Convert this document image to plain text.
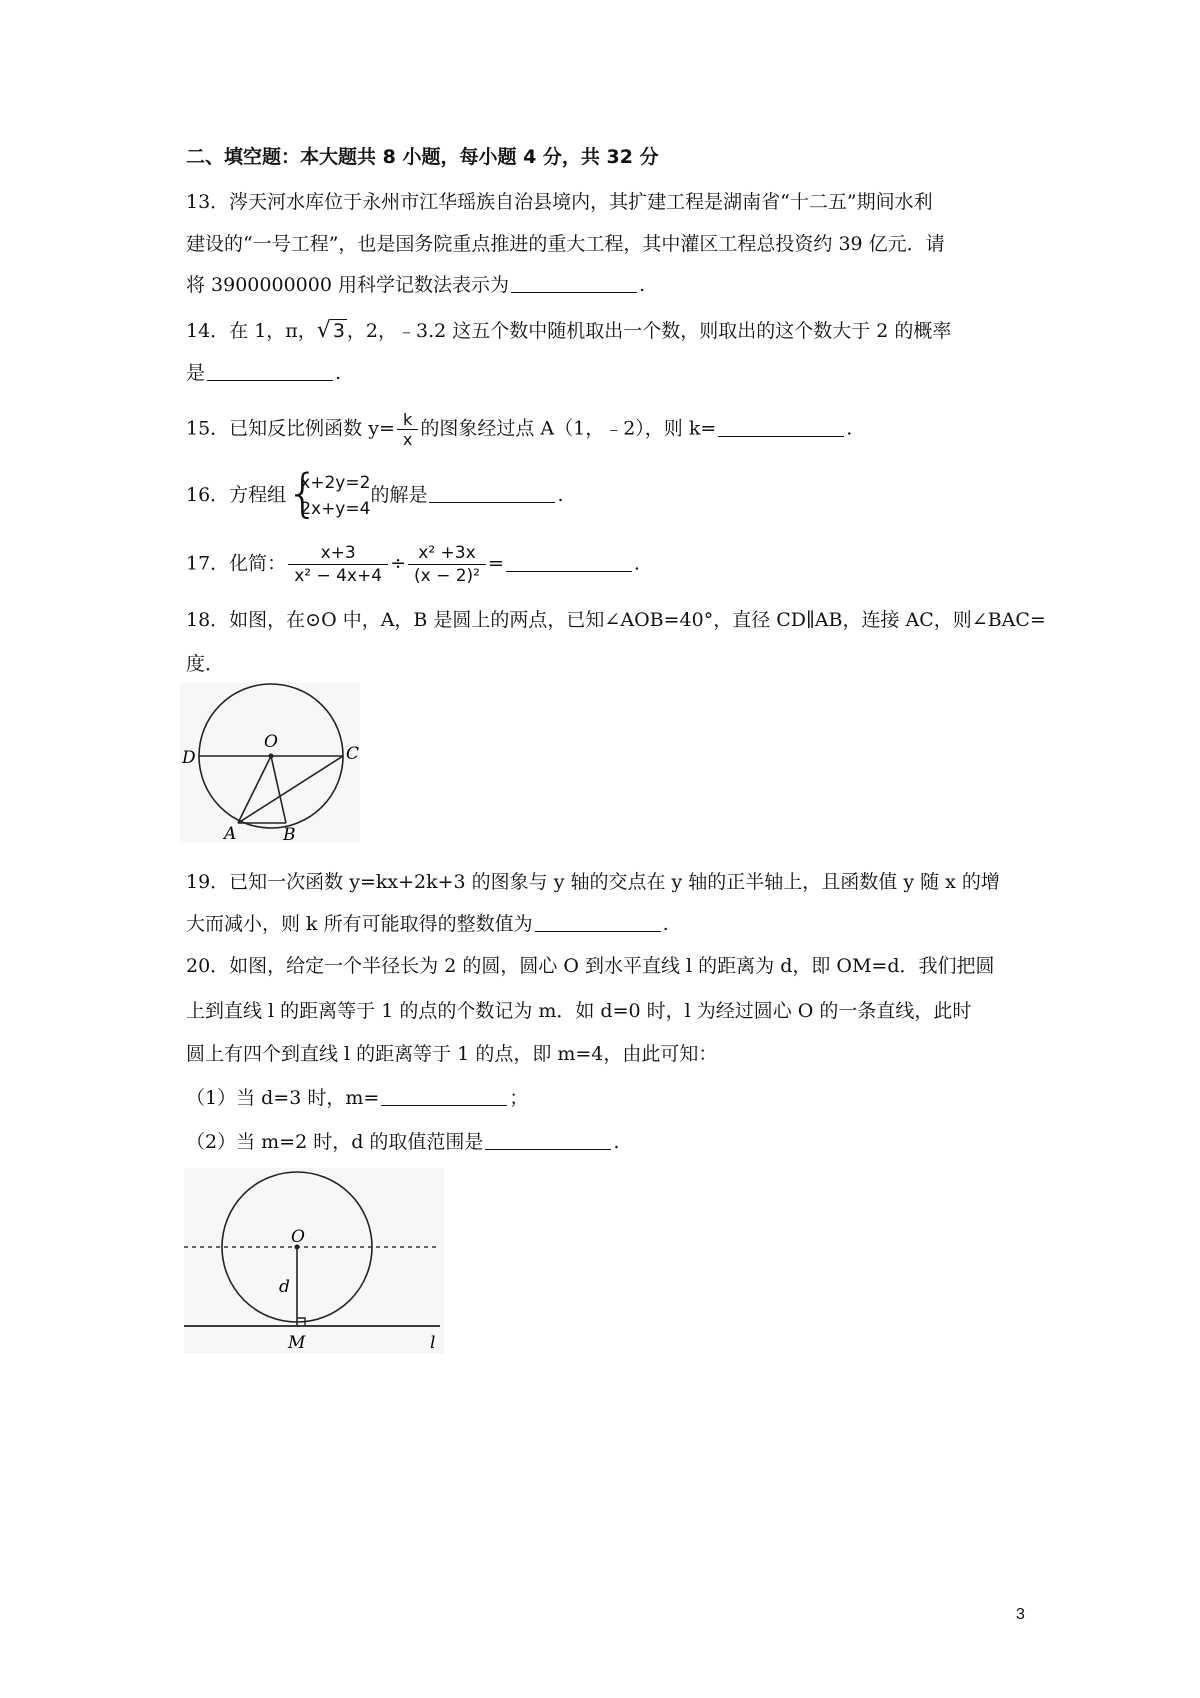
二、填空题：本大题共 8 小题，每小题 4 分，共 32 分
13．涔天河水库位于永州市江华瑶族自治县境内，其扩建工程是湖南省“十二五”期间水利
建设的“一号工程”，也是国务院重点推进的重大工程，其中灌区工程总投资约 39 亿元．请
将 3900000000 用科学记数法表示为	.
14．在 1，π，√ 3 ，2，﹣3.2 这五个数中随机取出一个数，则取出的这个数大于 2 的概率
是	.
15．已知反比例函数 $y= \frac{k}{x}$ 的图象经过点 A（1，﹣2），则 k=	.
16．方程组 {
x+2y=2
2x+y=4
的解是	.
17．化简： $\frac{x+3}{\text{x² − 4x+4}} \div \frac{\text{x² +3x}}{\text{(x − 2)²}}$ =	.
18．如图，在⊙O 中，A，B 是圆上的两点，已知∠AOB=40°，直径 CD∥AB，连接 AC，则∠BAC=
度．
D
O
C
A	B
19．已知一次函数 y=kx+2k+3 的图象与 y 轴的交点在 y 轴的正半轴上，且函数值 y 随 x 的增
大而减小，则 k 所有可能取得的整数值为	.
20．如图，给定一个半径长为 2 的圆，圆心 O 到水平直线 l 的距离为 d，即 OM=d．我们把圆
上到直线 l 的距离等于 1 的点的个数记为 m．如 d=0 时，l 为经过圆心 O 的一条直线，此时
圆上有四个到直线 l 的距离等于 1 的点，即 m=4，由此可知：
（1）当 d=3 时，m=	；
（2）当 m=2 时，d 的取值范围是	.
O
d
M	l
3
